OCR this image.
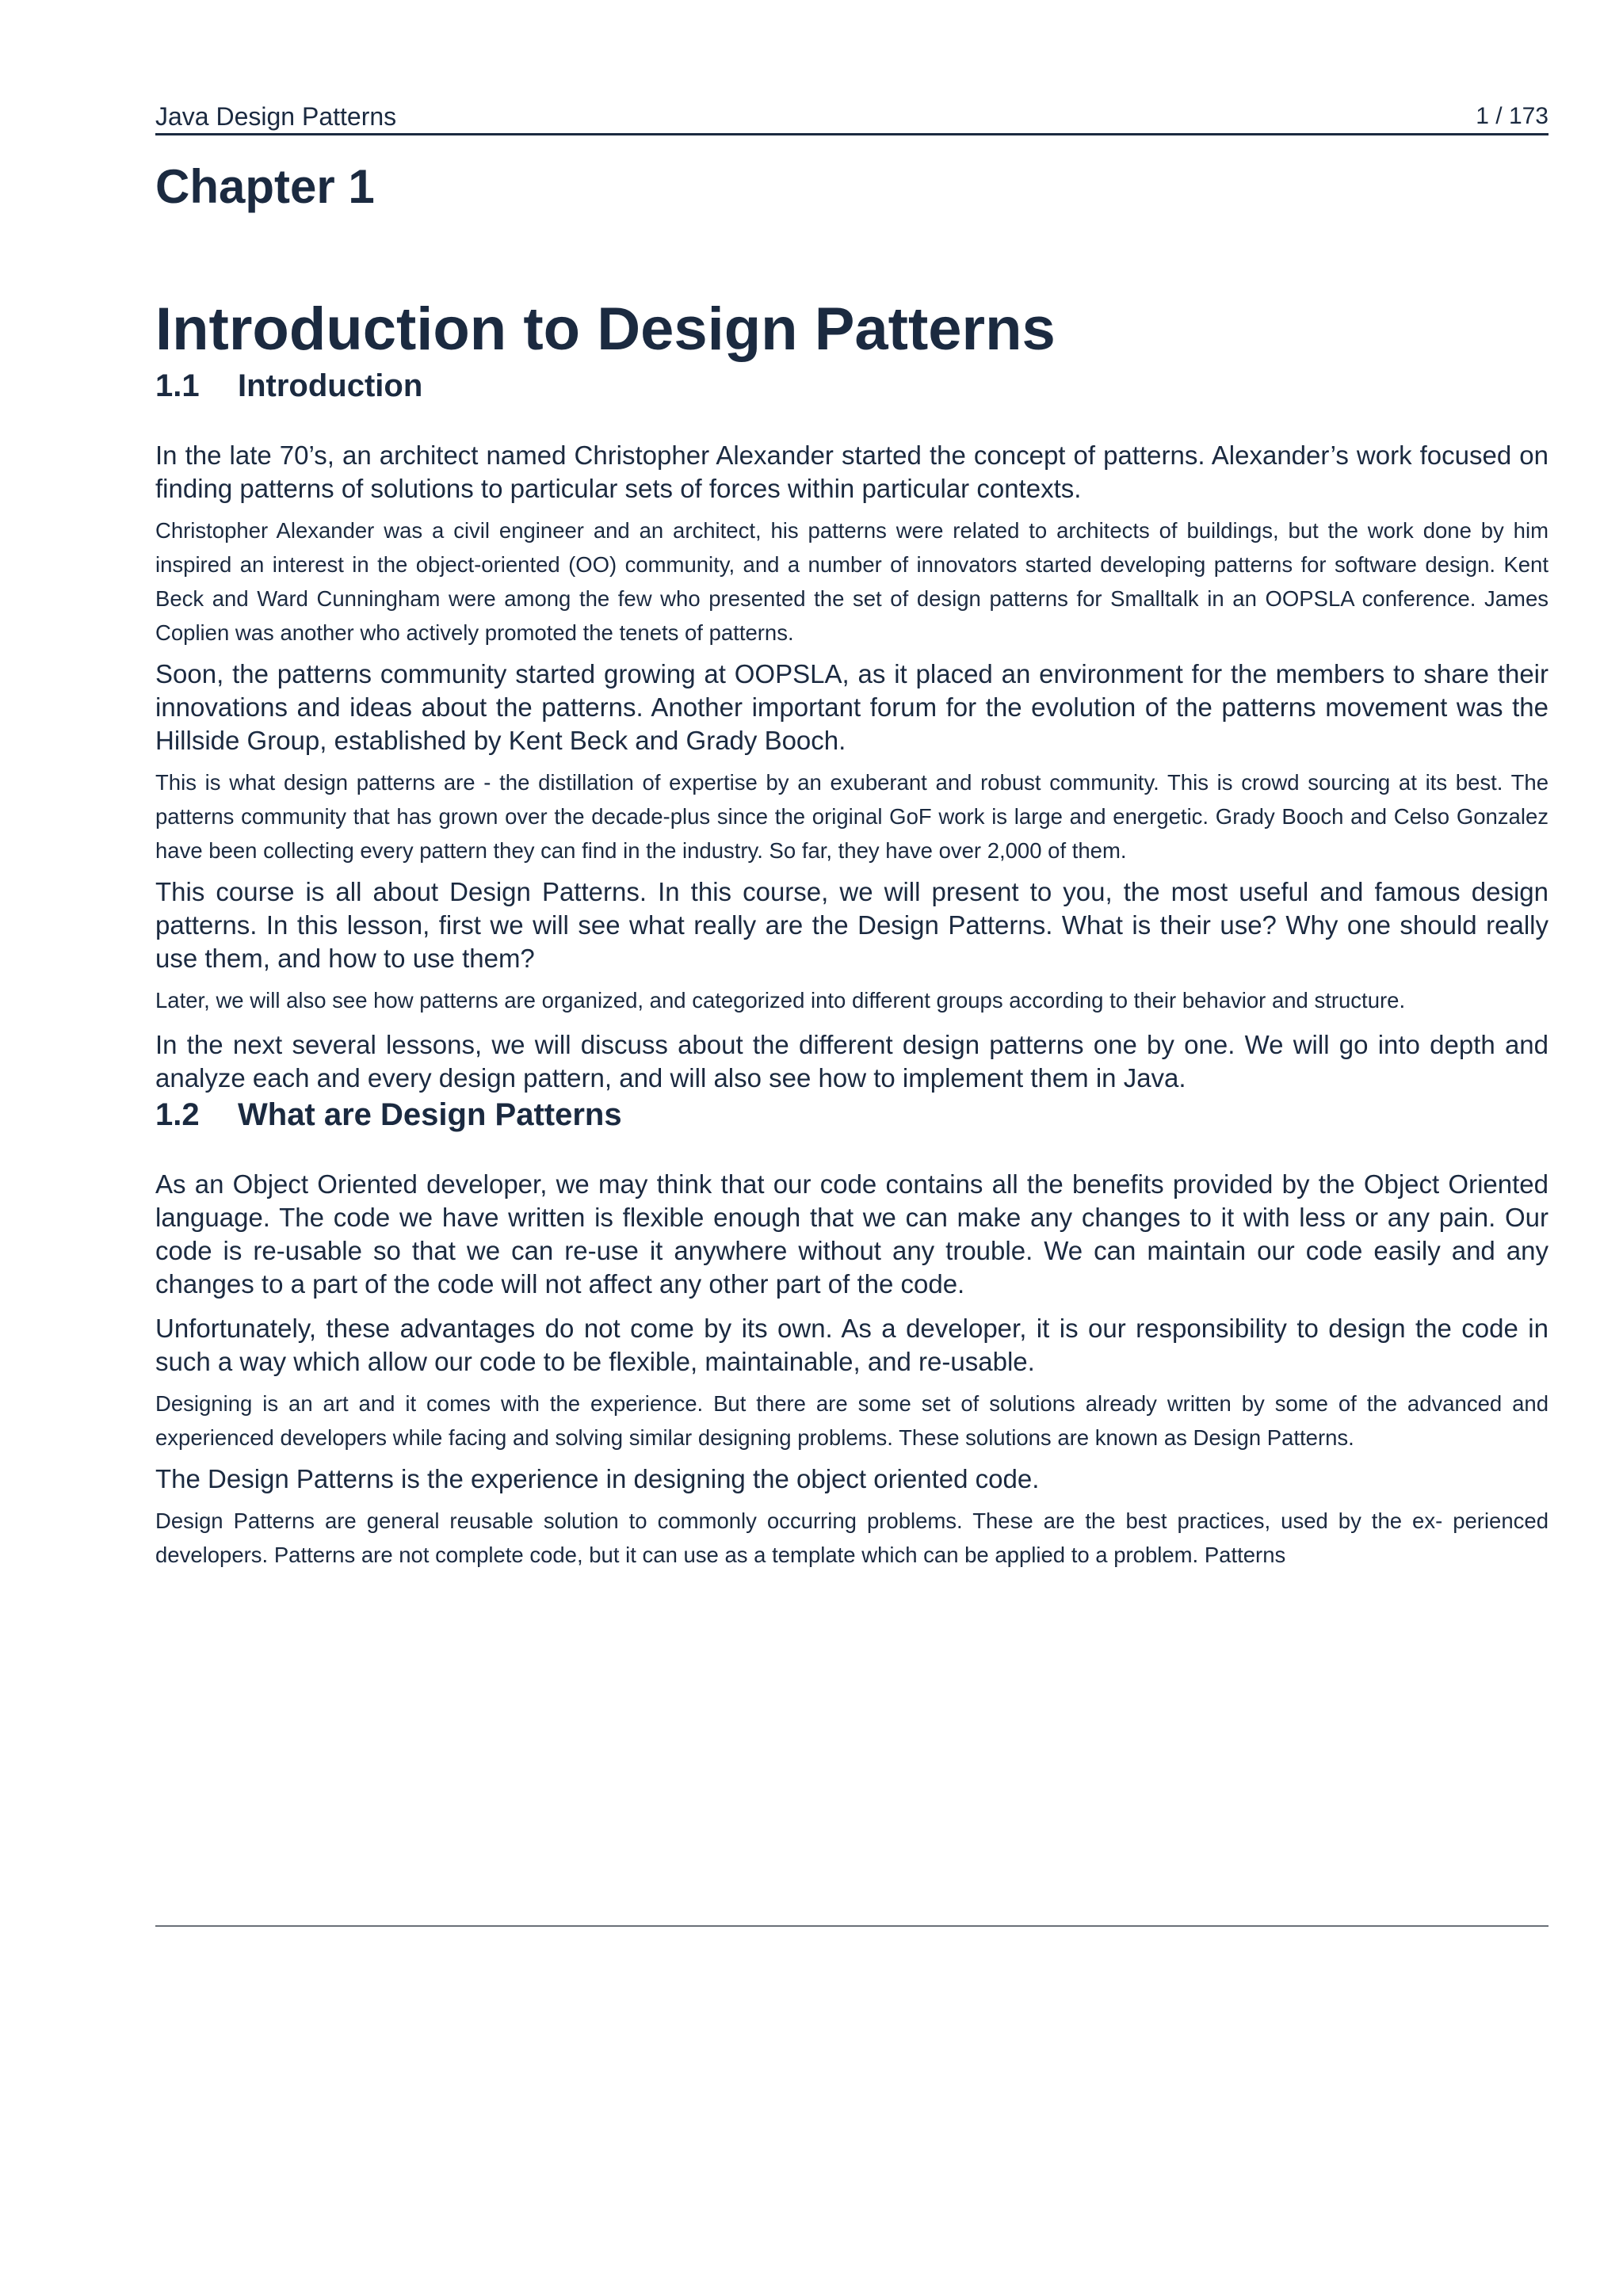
Java Design Patterns	1 / 173
Chapter 1
Introduction to Design Patterns
1.1	Introduction

In the late 70’s, an architect named Christopher Alexander started the concept of patterns. Alexander’s work focused on finding patterns of solutions to particular sets of forces within particular contexts.

Christopher Alexander was a civil engineer and an architect, his patterns were related to architects of buildings, but the work done by him inspired an interest in the object-oriented (OO) community, and a number of innovators started developing patterns for software design. Kent Beck and Ward Cunningham were among the few who presented the set of design patterns for Smalltalk in an OOPSLA conference. James Coplien was another who actively promoted the tenets of patterns.

Soon, the patterns community started growing at OOPSLA, as it placed an environment for the members to share their innovations and ideas about the patterns. Another important forum for the evolution of the patterns movement was the Hillside Group, established by Kent Beck and Grady Booch.

This is what design patterns are - the distillation of expertise by an exuberant and robust community. This is crowd sourcing at its best. The patterns community that has grown over the decade-plus since the original GoF work is large and energetic. Grady Booch and Celso Gonzalez have been collecting every pattern they can find in the industry. So far, they have over 2,000 of them.

This course is all about Design Patterns. In this course, we will present to you, the most useful and famous design patterns. In this lesson, first we will see what really are the Design Patterns. What is their use? Why one should really use them, and how to use them?

Later, we will also see how patterns are organized, and categorized into different groups according to their behavior and structure.

In the next several lessons, we will discuss about the different design patterns one by one. We will go into depth and analyze each and every design pattern, and will also see how to implement them in Java.

1.2	What are Design Patterns

As an Object Oriented developer, we may think that our code contains all the benefits provided by the Object Oriented language. The code we have written is flexible enough that we can make any changes to it with less or any pain. Our code is re-usable so that we can re-use it anywhere without any trouble. We can maintain our code easily and any changes to a part of the code will not affect any other part of the code.

Unfortunately, these advantages do not come by its own. As a developer, it is our responsibility to design the code in such a way which allow our code to be flexible, maintainable, and re-usable.

Designing is an art and it comes with the experience. But there are some set of solutions already written by some of the advanced and experienced developers while facing and solving similar designing problems. These solutions are known as Design Patterns.

The Design Patterns is the experience in designing the object oriented code.

Design Patterns are general reusable solution to commonly occurring problems. These are the best practices, used by the ex- perienced developers. Patterns are not complete code, but it can use as a template which can be applied to a problem. Patterns
